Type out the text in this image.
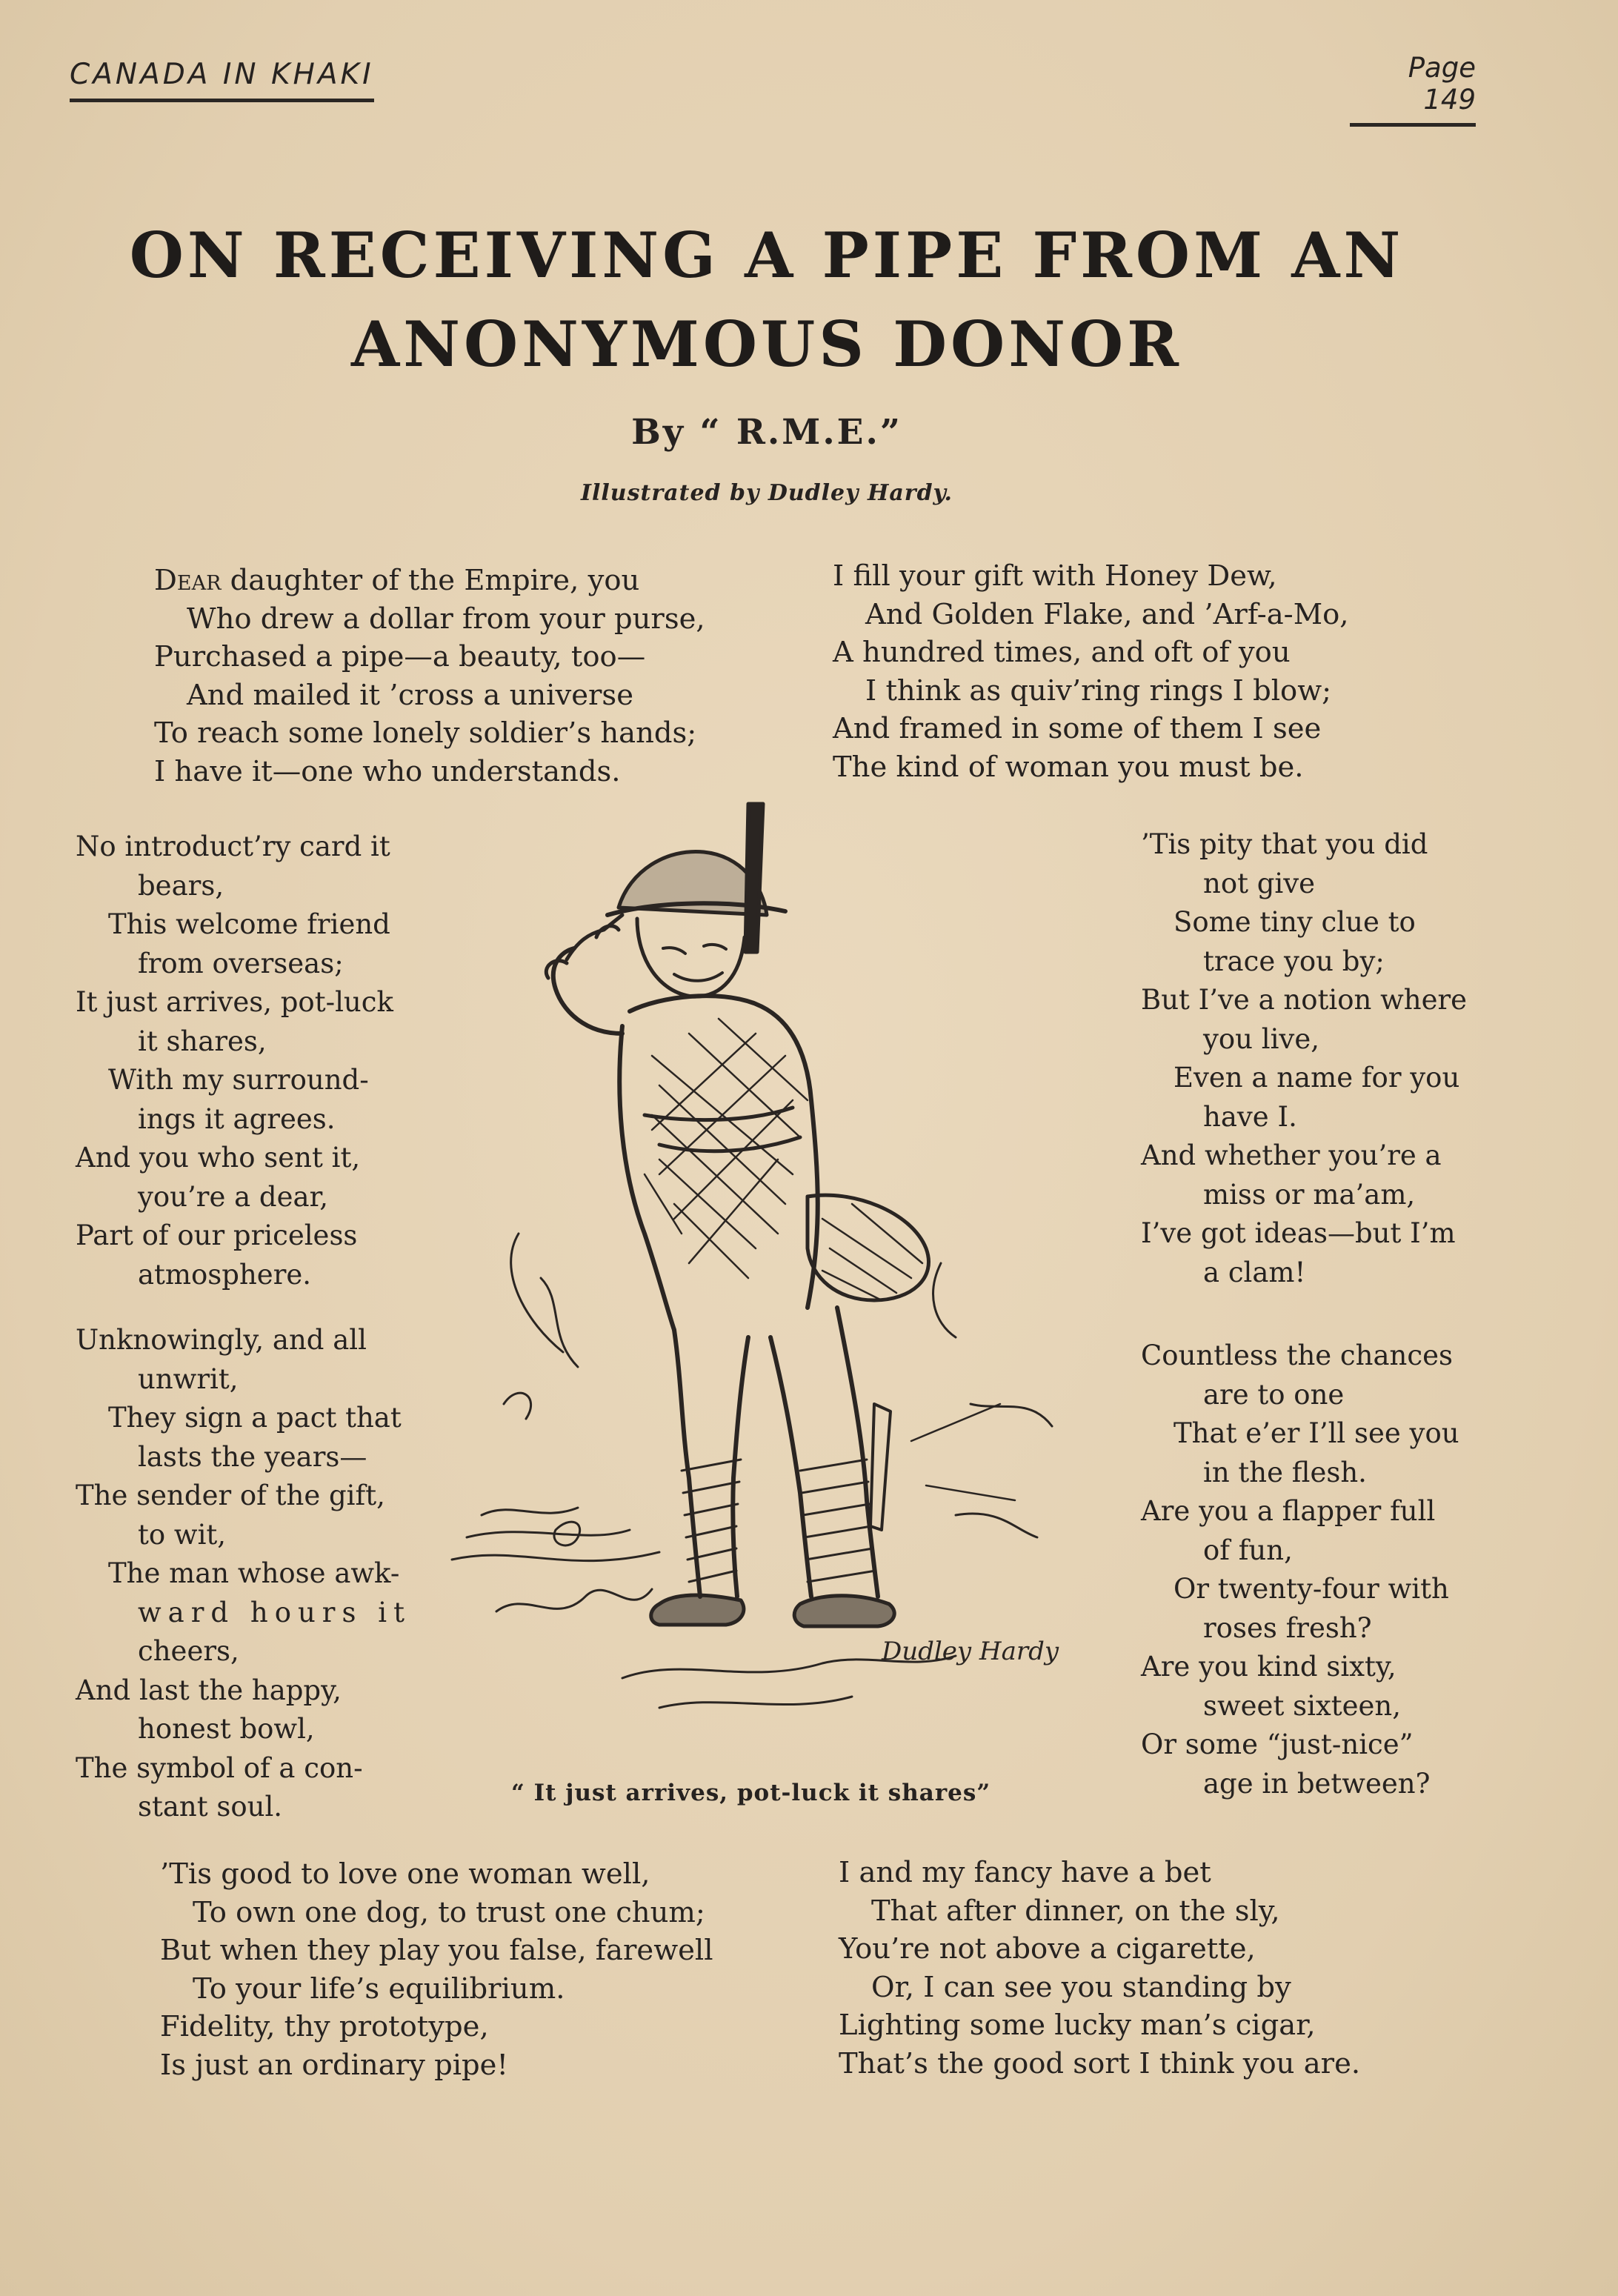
CANADA IN KHAKI	Page 149
ON RECEIVING A PIPE FROM AN
ANONYMOUS DONOR
By “ R.M.E.”
Illustrated by Dudley Hardy.
Dear daughter of the Empire, you
Who drew a dollar from your purse,
Purchased a pipe—a beauty, too—
And mailed it ’cross a universe
To reach some lonely soldier’s hands;
I have it—one who understands.
I fill your gift with Honey Dew,
And Golden Flake, and ’Arf-a-Mo,
A hundred times, and oft of you
I think as quiv’ring rings I blow;
And framed in some of them I see
The kind of woman you must be.
No introduct’ry card it
bears,
This welcome friend
from overseas;
It just arrives, pot-luck
it shares,
With my surround-
ings it agrees.
And you who sent it,
you’re a dear,
Part of our priceless
atmosphere.
Unknowingly, and all
unwrit,
They sign a pact that
lasts the years—
The sender of the gift,
to wit,
The man whose awk-
ward hours it
cheers,
And last the happy,
honest bowl,
The symbol of a con-
stant soul.
’Tis pity that you did
not give
Some tiny clue to
trace you by;
But I’ve a notion where
you live,
Even a name for you
have I.
And whether you’re a
miss or ma’am,
I’ve got ideas—but I’m
a clam!
Countless the chances
are to one
That e’er I’ll see you
in the flesh.
Are you a flapper full
of fun,
Or twenty-four with
roses fresh?
Are you kind sixty,
sweet sixteen,
Or some “just-nice”
age in between?
’Tis good to love one woman well,
To own one dog, to trust one chum;
But when they play you false, farewell
To your life’s equilibrium.
Fidelity, thy prototype,
Is just an ordinary pipe!
I and my fancy have a bet
That after dinner, on the sly,
You’re not above a cigarette,
Or, I can see you standing by
Lighting some lucky man’s cigar,
That’s the good sort I think you are.
Dudley Hardy
“ It just arrives, pot-luck it shares”
